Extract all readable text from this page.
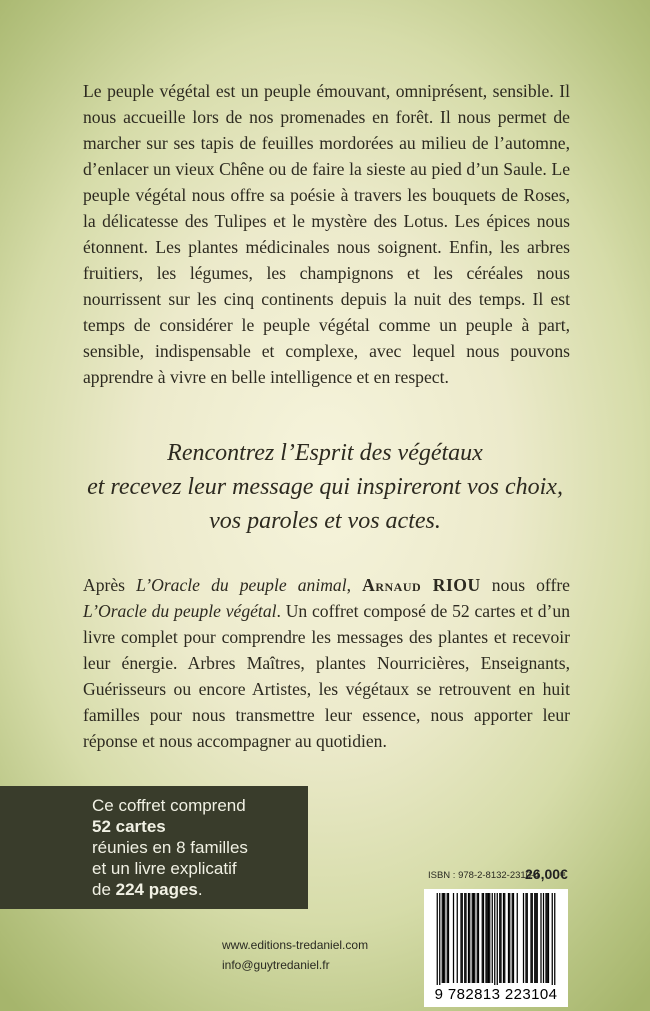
Le peuple végétal est un peuple émouvant, omniprésent, sensible. Il nous accueille lors de nos promenades en forêt. Il nous permet de marcher sur ses tapis de feuilles mordorées au milieu de l’automne, d’enlacer un vieux Chêne ou de faire la sieste au pied d’un Saule. Le peuple végétal nous offre sa poésie à travers les bouquets de Roses, la délicatesse des Tulipes et le mystère des Lotus. Les épices nous étonnent. Les plantes médicinales nous soignent. Enfin, les arbres fruitiers, les légumes, les champignons et les céréales nous nourrissent sur les cinq continents depuis la nuit des temps. Il est temps de considérer le peuple végétal comme un peuple à part, sensible, indispensable et complexe, avec lequel nous pouvons apprendre à vivre en belle intelligence et en respect.

Rencontrez l’Esprit des végétaux
et recevez leur message qui inspireront vos choix,
vos paroles et vos actes.

Après L’Oracle du peuple animal, Arnaud RIOU nous offre L’Oracle du peuple végétal. Un coffret composé de 52 cartes et d’un livre complet pour comprendre les messages des plantes et recevoir leur énergie. Arbres Maîtres, plantes Nourricières, Enseignants, Guérisseurs ou encore Artistes, les végétaux se retrouvent en huit familles pour nous transmettre leur essence, nous apporter leur réponse et nous accompagner au quotidien.

Ce coffret comprend
52 cartes
réunies en 8 familles
et un livre explicatif
de 224 pages.
www.editions-tredaniel.com
info@guytredaniel.fr
ISBN : 978-2-8132-2310-4
26,00€
9 782813 223104
